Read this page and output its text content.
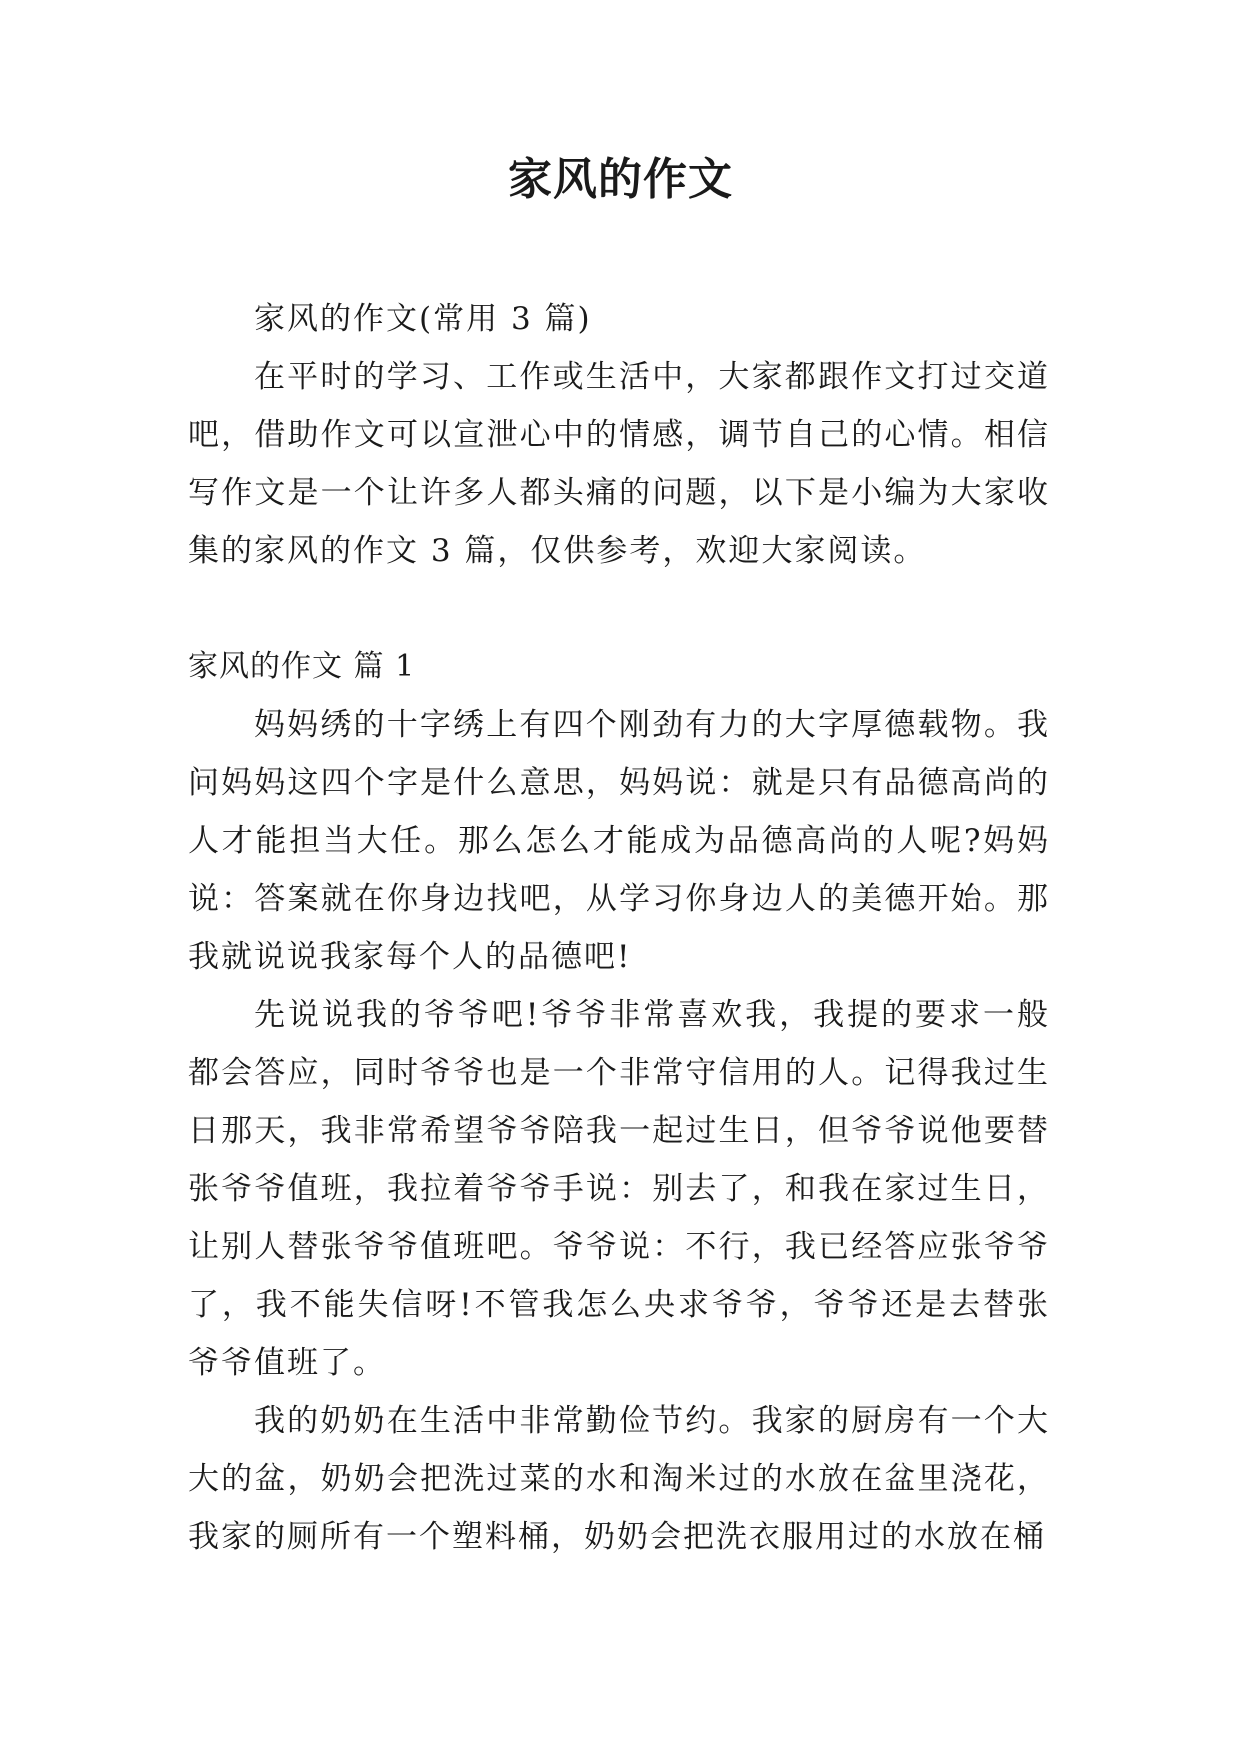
家风的作文

家风的作文(常用 3 篇)

在平时的学习、工作或生活中，大家都跟作文打过交道吧，借助作文可以宣泄心中的情感，调节自己的心情。相信写作文是一个让许多人都头痛的问题，以下是小编为大家收集的家风的作文 3 篇，仅供参考，欢迎大家阅读。

家风的作文 篇 1

妈妈绣的十字绣上有四个刚劲有力的大字厚德载物。我问妈妈这四个字是什么意思，妈妈说：就是只有品德高尚的人才能担当大任。那么怎么才能成为品德高尚的人呢?妈妈说：答案就在你身边找吧，从学习你身边人的美德开始。那我就说说我家每个人的品德吧!

先说说我的爷爷吧!爷爷非常喜欢我，我提的要求一般都会答应，同时爷爷也是一个非常守信用的人。记得我过生日那天，我非常希望爷爷陪我一起过生日，但爷爷说他要替张爷爷值班，我拉着爷爷手说：别去了，和我在家过生日，让别人替张爷爷值班吧。爷爷说：不行，我已经答应张爷爷了，我不能失信呀!不管我怎么央求爷爷，爷爷还是去替张爷爷值班了。

我的奶奶在生活中非常勤俭节约。我家的厨房有一个大大的盆，奶奶会把洗过菜的水和淘米过的水放在盆里浇花，我家的厕所有一个塑料桶，奶奶会把洗衣服用过的水放在桶
